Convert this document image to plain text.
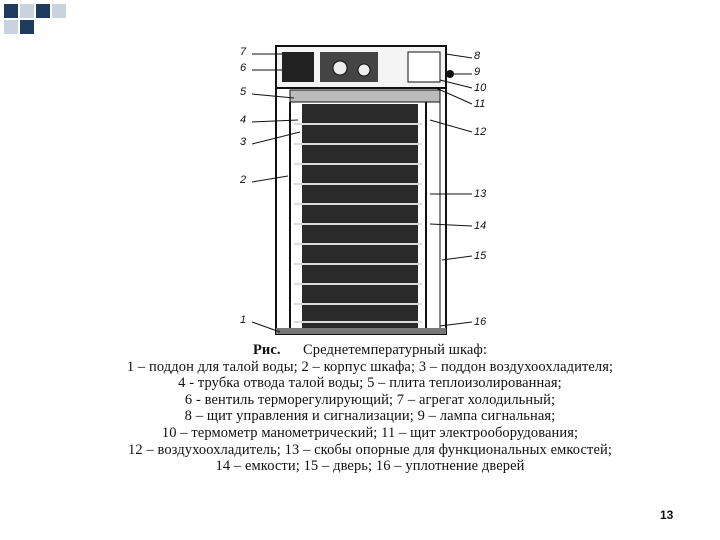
7
6
5
4
3
2
1
8
9
10
11
12
13
14
15
16
Рис. Среднетемпературный шкаф:
1 – поддон для талой воды; 2 – корпус шкафа; 3 – поддон воздухоохладителя;
4 - трубка отвода талой воды; 5 – плита теплоизолированная;
6 - вентиль терморегулирующий; 7 – агрегат холодильный;
8 – щит управления и сигнализации; 9 – лампа сигнальная;
10 – термометр манометрический; 11 – щит электрооборудования;
12 – воздухоохладитель; 13 – скобы опорные для функциональных емкостей;
14 – емкости; 15 – дверь; 16 – уплотнение дверей
13
